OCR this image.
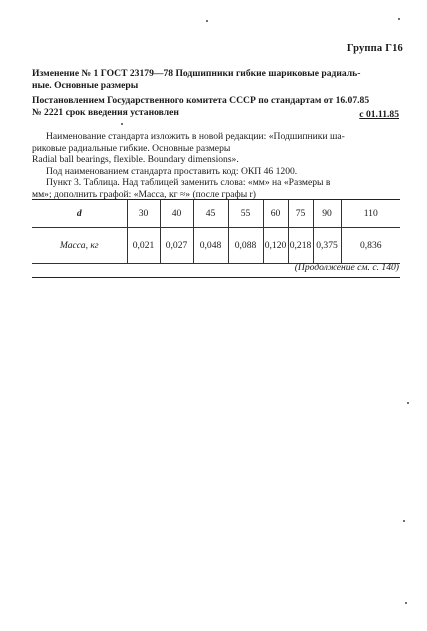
Группа Г16
Изменение № 1 ГОСТ 23179—78 Подшипники гибкие шариковые радиаль-
ные. Основные размеры
Постановлением Государственного комитета СССР по стандартам от 16.07.85
№ 2221 срок введения установлен	с 01.11.85
Наименование стандарта изложить в новой редакции: «Подшипники ша-
риковые радиальные гибкие. Основные размеры
Radial ball bearings, flexible. Boundary dimensions».
Под наименованием стандарта проставить код: ОКП 46 1200.
Пункт 3. Таблица. Над таблицей заменить слова: «мм» на «Размеры в
мм»; дополнить графой: «Масса, кг ≈» (после графы r)
d	30	40	45	55	60	75	90	110
Масса, кг	0,021	0,027	0,048	0,088	0,120	0,218	0,375	0,836
(Продолжение см. с. 140)
